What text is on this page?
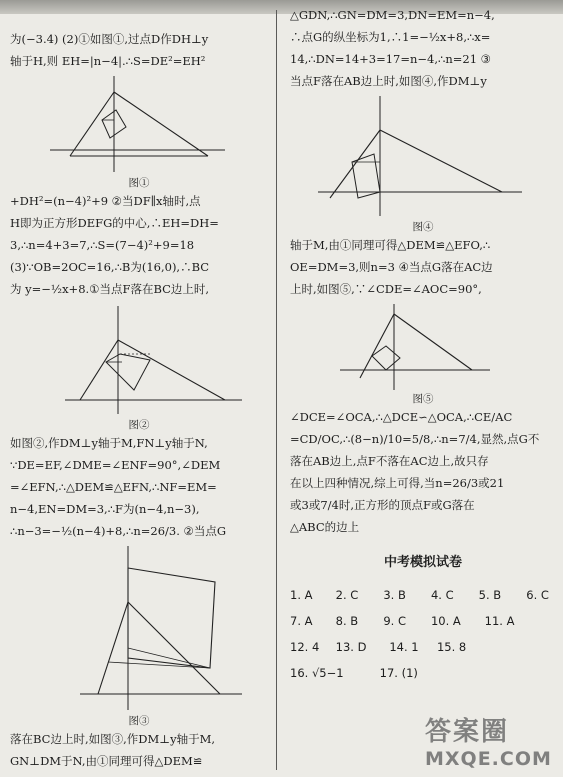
为(−3.4) (2)①如图①,过点D作DH⊥y
轴于H,则 EH=|n−4|.∴S=DE²=EH²
图①
+DH²=(n−4)²+9 ②当DF∥x轴时,点
H即为正方形DEFG的中心,∴EH=DH=
3,∴n=4+3=7,∴S=(7−4)²+9=18
(3)∵OB=2OC=16,∴B为(16,0),∴BC
为 y=−½x+8.①当点F落在BC边上时,
图②
如图②,作DM⊥y轴于M,FN⊥y轴于N,
∵DE=EF,∠DME=∠ENF=90°,∠DEM
=∠EFN,∴△DEM≌△EFN,∴NF=EM=
n−4,EN=DM=3,∴F为(n−4,n−3),
∴n−3=−½(n−4)+8,∴n=26/3. ②当点G
图③
落在BC边上时,如图③,作DM⊥y轴于M,
GN⊥DM于N,由①同理可得△DEM≌
△GDN,∴GN=DM=3,DN=EM=n−4,
∴点G的纵坐标为1,∴1=−½x+8,∴x=
14,∴DN=14+3=17=n−4,∴n=21 ③
当点F落在AB边上时,如图④,作DM⊥y
图④
轴于M,由①同理可得△DEM≌△EFO,∴
OE=DM=3,则n=3 ④当点G落在AC边
上时,如图⑤,∵∠CDE=∠AOC=90°,
图⑤
∠DCE=∠OCA,∴△DCE∽△OCA,∴CE/AC
=CD/OC,∴(8−n)/10=5/8,∴n=7/4,显然,点G不
落在AB边上,点F不落在AC边上,故只存
在以上四种情况,综上可得,当n=26/3或21
或3或7/4时,正方形的顶点F或G落在
△ABC的边上
中考模拟试卷
1. A 2. C 3. B 4. C 5. B 6. C
7. A 8. B 9. C 10. A 11. A
12. 4 13. D 14. 1 15. 8
16. √5−1	17. (1)
答案圈
MXQE.COM
